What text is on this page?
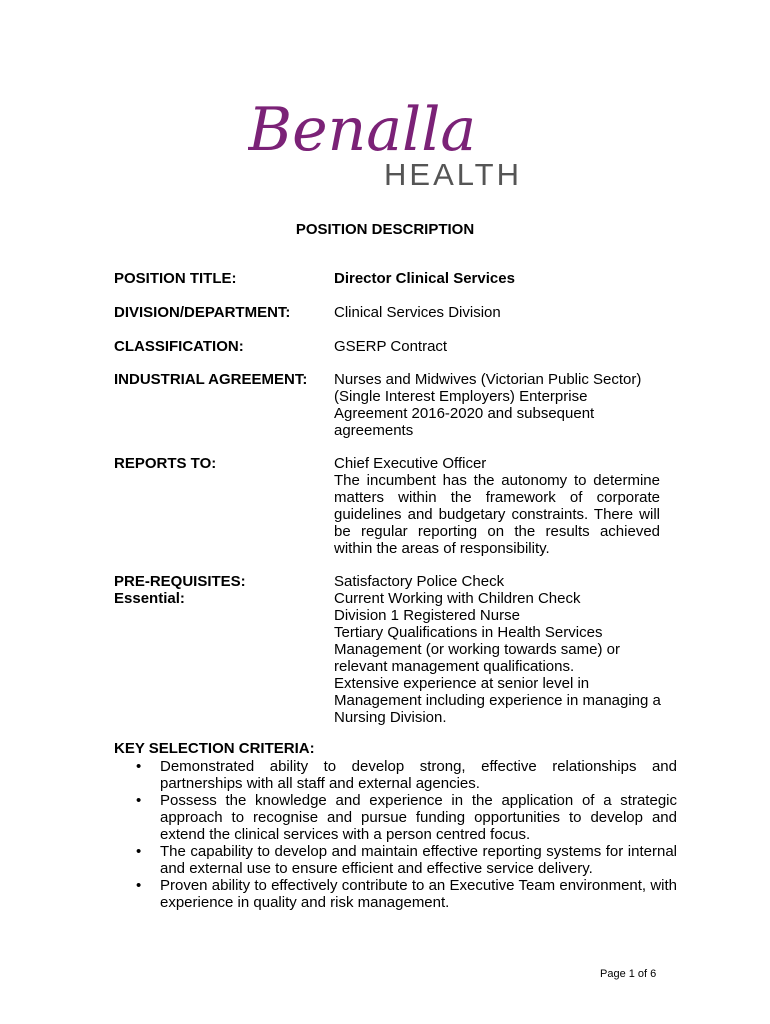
Benalla
HEALTH
POSITION DESCRIPTION
POSITION TITLE:	Director Clinical Services
DIVISION/DEPARTMENT:	Clinical Services Division
CLASSIFICATION:	GSERP Contract
INDUSTRIAL AGREEMENT: Nurses and Midwives (Victorian Public Sector)
(Single Interest Employers) Enterprise
Agreement 2016-2020 and subsequent
agreements
REPORTS TO:	Chief Executive Officer
The incumbent has the autonomy to determine matters within the framework of corporate guidelines and budgetary constraints. There will be regular reporting on the results achieved within the areas of responsibility.
PRE-REQUISITES:
Essential:
Satisfactory Police Check
Current Working with Children Check
Division 1 Registered Nurse
Tertiary Qualifications in Health Services
Management (or working towards same) or
relevant management qualifications.
Extensive experience at senior level in
Management including experience in managing a
Nursing Division.
KEY SELECTION CRITERIA:
• Demonstrated ability to develop strong, effective relationships and partnerships with all staff and external agencies.
• Possess the knowledge and experience in the application of a strategic approach to recognise and pursue funding opportunities to develop and extend the clinical services with a person centred focus.
• The capability to develop and maintain effective reporting systems for internal and external use to ensure efficient and effective service delivery.
• Proven ability to effectively contribute to an Executive Team environment, with experience in quality and risk management.
Page 1 of 6
